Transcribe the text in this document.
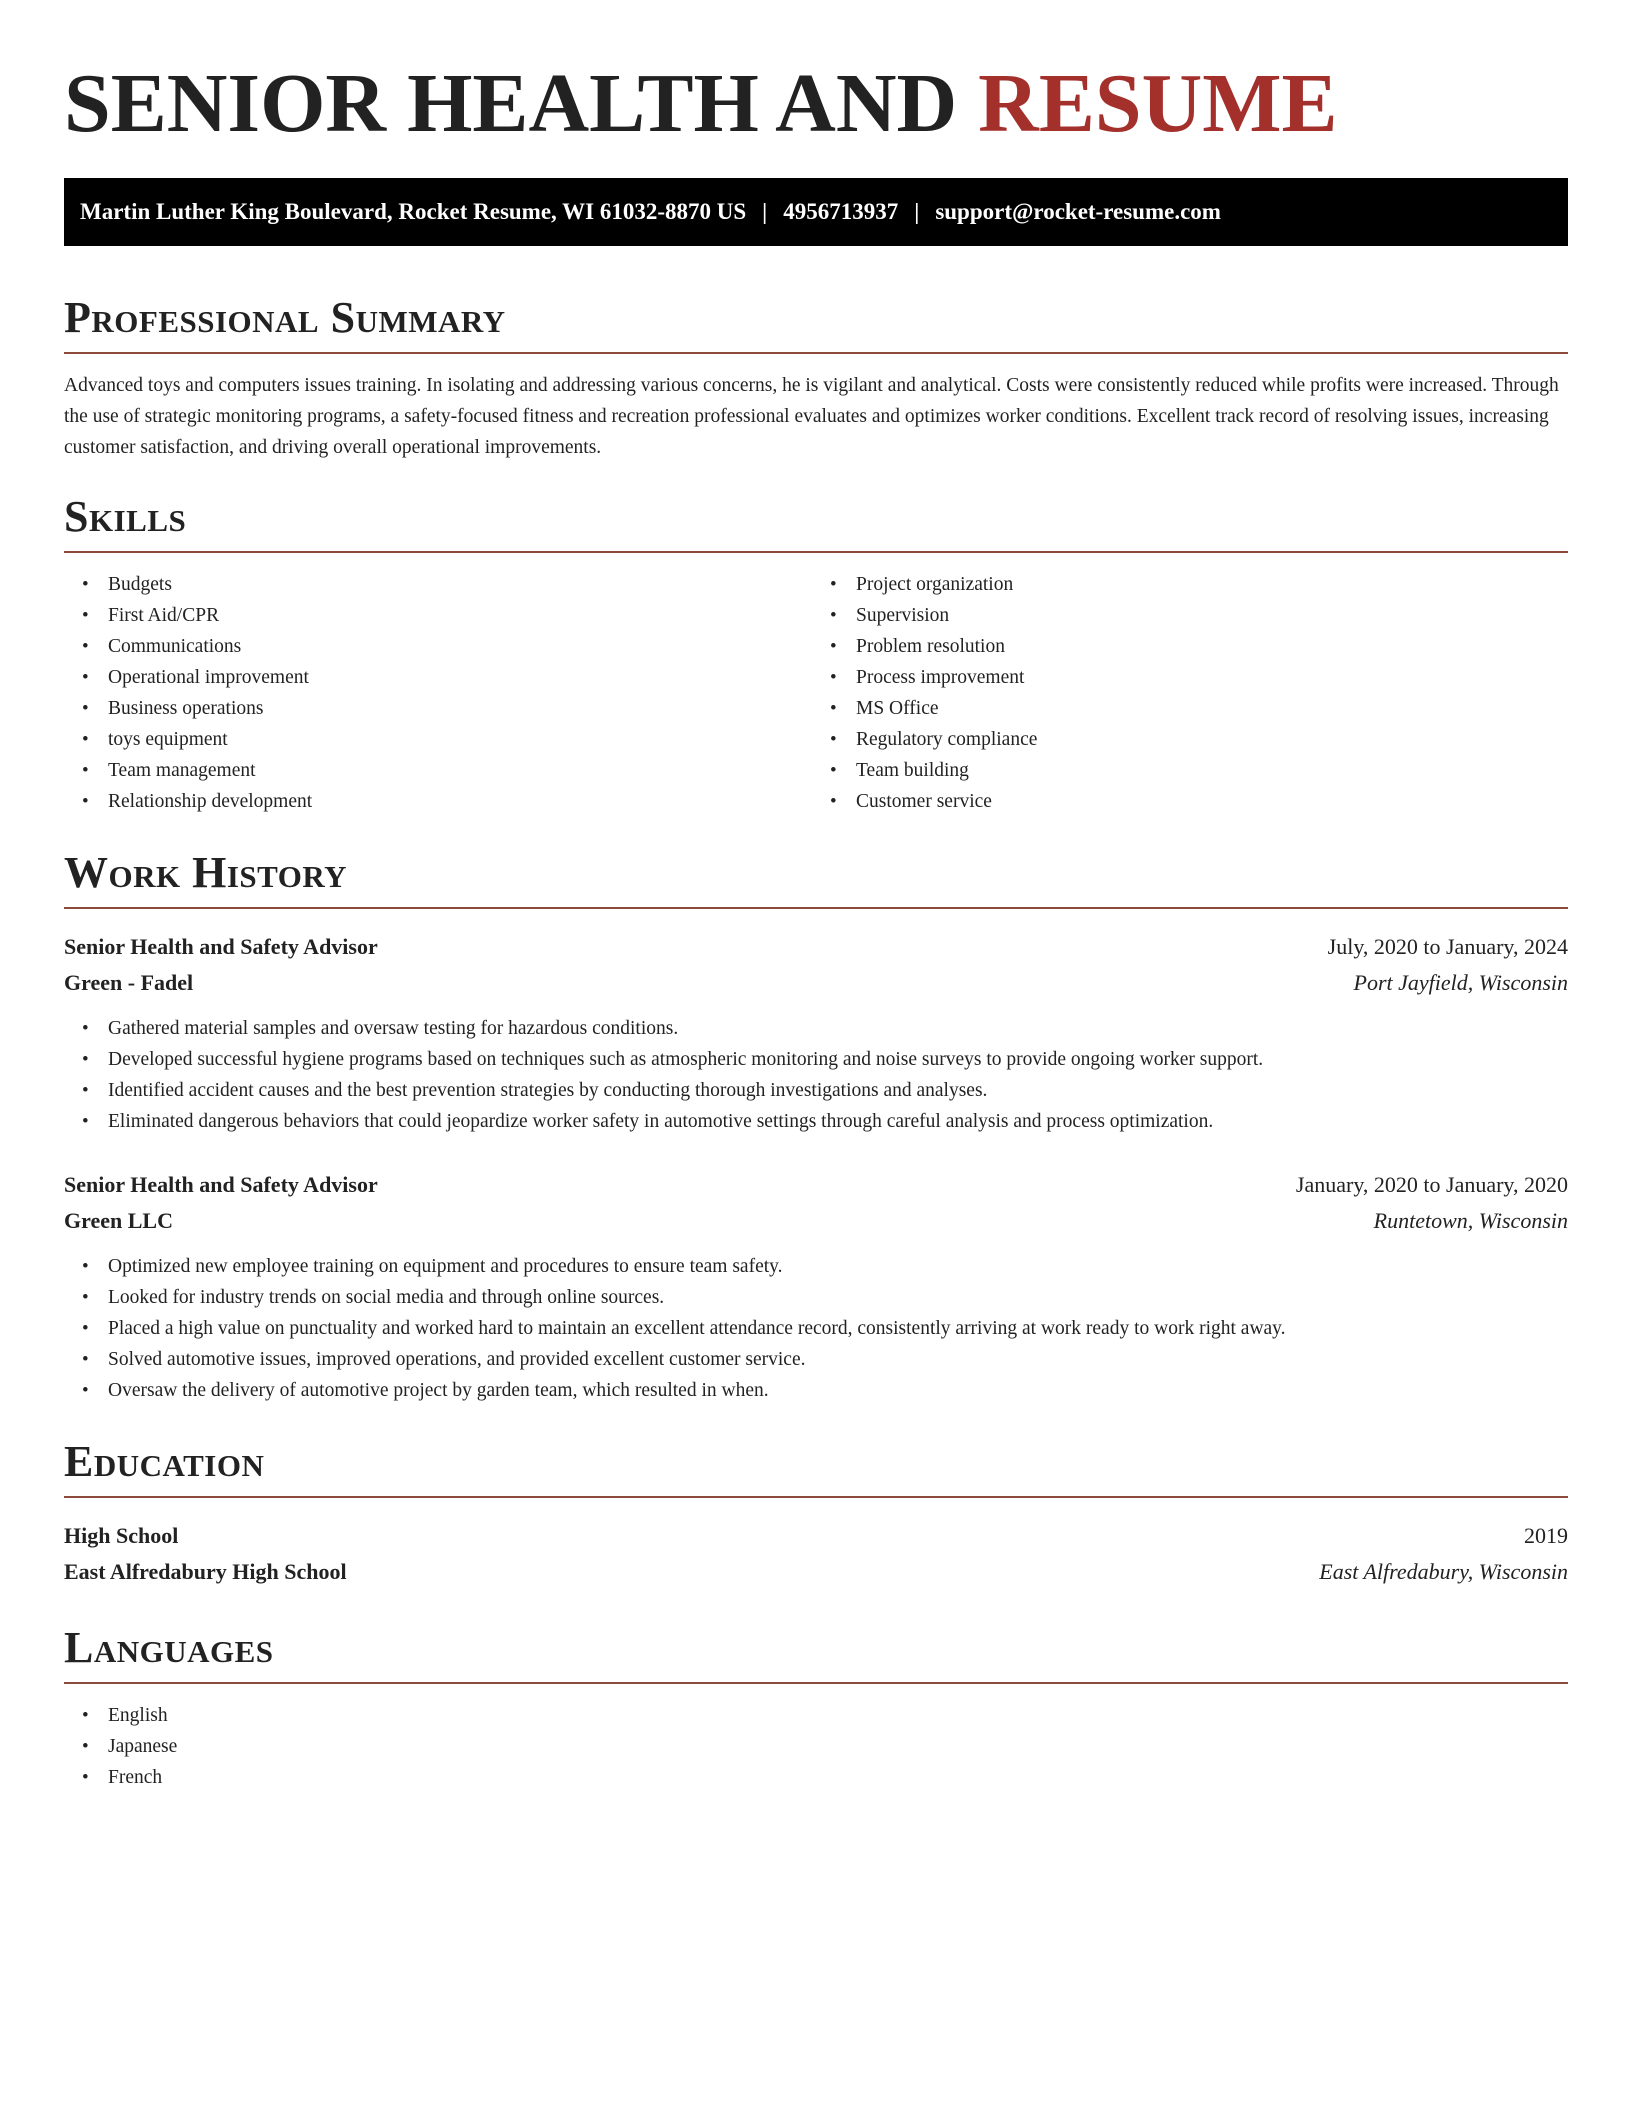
SENIOR HEALTH AND RESUME
Martin Luther King Boulevard, Rocket Resume, WI 61032-8870 US | 4956713937 | support@rocket-resume.com
Professional Summary

Advanced toys and computers issues training. In isolating and addressing various concerns, he is vigilant and analytical. Costs were consistently reduced while profits were increased. Through the use of strategic monitoring programs, a safety-focused fitness and recreation professional evaluates and optimizes worker conditions. Excellent track record of resolving issues, increasing customer satisfaction, and driving overall operational improvements.

Skills
• Budgets
• First Aid/CPR
• Communications
• Operational improvement
• Business operations
• toys equipment
• Team management
• Relationship development
• Project organization
• Supervision
• Problem resolution
• Process improvement
• MS Office
• Regulatory compliance
• Team building
• Customer service
Work History
Senior Health and Safety Advisor	July, 2020 to January, 2024
Green - Fadel	Port Jayfield, Wisconsin
• Gathered material samples and oversaw testing for hazardous conditions.
• Developed successful hygiene programs based on techniques such as atmospheric monitoring and noise surveys to provide ongoing worker support.
• Identified accident causes and the best prevention strategies by conducting thorough investigations and analyses.
• Eliminated dangerous behaviors that could jeopardize worker safety in automotive settings through careful analysis and process optimization.
Senior Health and Safety Advisor	January, 2020 to January, 2020
Green LLC	Runtetown, Wisconsin
• Optimized new employee training on equipment and procedures to ensure team safety.
• Looked for industry trends on social media and through online sources.
• Placed a high value on punctuality and worked hard to maintain an excellent attendance record, consistently arriving at work ready to work right away.
• Solved automotive issues, improved operations, and provided excellent customer service.
• Oversaw the delivery of automotive project by garden team, which resulted in when.
Education
High School	2019
East Alfredabury High School	East Alfredabury, Wisconsin
Languages
• English
• Japanese
• French
